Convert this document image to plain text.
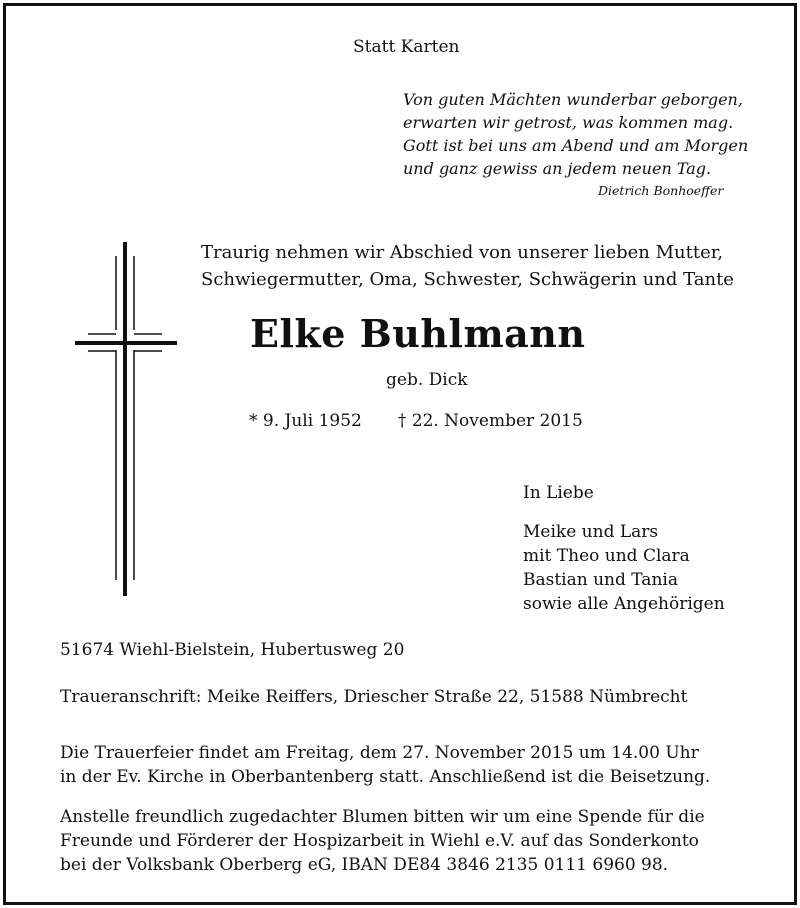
Statt Karten
Von guten Mächten wunderbar geborgen,
erwarten wir getrost, was kommen mag.
Gott ist bei uns am Abend und am Morgen
und ganz gewiss an jedem neuen Tag.
Dietrich Bonhoeffer
Traurig nehmen wir Abschied von unserer lieben Mutter,
Schwiegermutter, Oma, Schwester, Schwägerin und Tante
Elke Buhlmann
geb. Dick
* 9. Juli 1952 † 22. November 2015
In Liebe
Meike und Lars
mit Theo und Clara
Bastian und Tania
sowie alle Angehörigen
51674 Wiehl-Bielstein, Hubertusweg 20
Traueranschrift: Meike Reiffers, Driescher Straße 22, 51588 Nümbrecht
Die Trauerfeier findet am Freitag, dem 27. November 2015 um 14.00 Uhr
in der Ev. Kirche in Oberbantenberg statt. Anschließend ist die Beisetzung.
Anstelle freundlich zugedachter Blumen bitten wir um eine Spende für die
Freunde und Förderer der Hospizarbeit in Wiehl e.V. auf das Sonderkonto
bei der Volksbank Oberberg eG, IBAN DE84 3846 2135 0111 6960 98.
